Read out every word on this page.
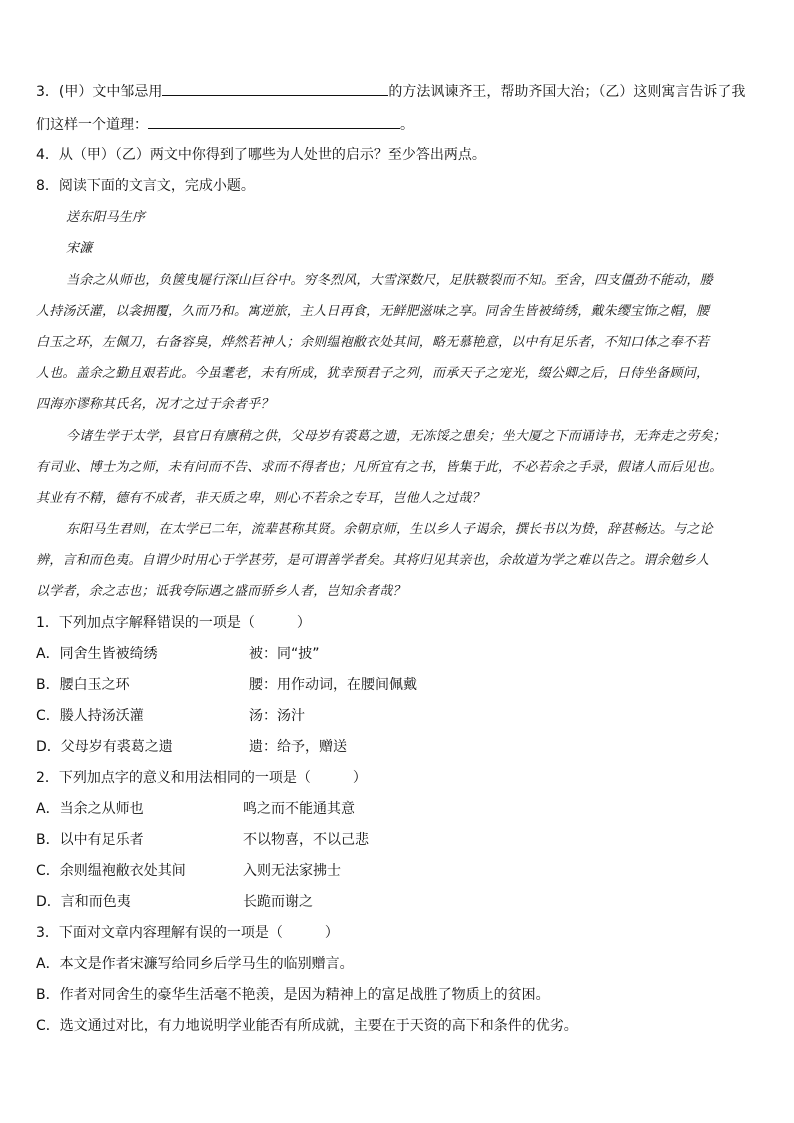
3．(甲）文中邹忌用	的方法讽谏齐王，帮助齐国大治；（乙）这则寓言告诉了我
们这样一个道理：	。
4．从（甲）（乙）两文中你得到了哪些为人处世的启示？至少答出两点。
8．阅读下面的文言文，完成小题。
送东阳马生序
宋濂
当余之从师也，负箧曳屣行深山巨谷中。穷冬烈风，大雪深数尺，足肤皲裂而不知。至舍，四支僵劲不能动，媵
人持汤沃灌，以衾拥覆，久而乃和。寓逆旅，主人日再食，无鲜肥滋味之享。同舍生皆被绮绣，戴朱缨宝饰之帽，腰
白玉之环，左佩刀，右备容臭，烨然若神人；余则缊袍敝衣处其间，略无慕艳意，以中有足乐者，不知口体之奉不若
人也。盖余之勤且艰若此。今虽耄老，未有所成，犹幸预君子之列，而承天子之宠光，缀公卿之后，日侍坐备顾问，
四海亦谬称其氏名，况才之过于余者乎？
今诸生学于太学，县官日有廪稍之供，父母岁有裘葛之遗，无冻馁之患矣；坐大厦之下而诵诗书，无奔走之劳矣；
有司业、博士为之师，未有问而不告、求而不得者也；凡所宜有之书，皆集于此，不必若余之手录，假诸人而后见也。
其业有不精，德有不成者，非天质之卑，则心不若余之专耳，岂他人之过哉？
东阳马生君则，在太学已二年，流辈甚称其贤。余朝京师，生以乡人子谒余，撰长书以为贽，辞甚畅达。与之论
辨，言和而色夷。自谓少时用心于学甚劳，是可谓善学者矣。其将归见其亲也，余故道为学之难以告之。谓余勉乡人
以学者，余之志也；诋我夸际遇之盛而骄乡人者，岂知余者哉？
1．下列加点字解释错误的一项是（　　　）
A．同舍生皆被绮绣	被：同“披”
B．腰白玉之环	腰：用作动词，在腰间佩戴
C．媵人持汤沃灌	汤：汤汁
D．父母岁有裘葛之遗	遗：给予，赠送
2．下列加点字的意义和用法相同的一项是（　　　）
A．当余之从师也	鸣之而不能通其意
B．以中有足乐者	不以物喜，不以己悲
C．余则缊袍敝衣处其间	入则无法家拂士
D．言和而色夷	长跪而谢之
3．下面对文章内容理解有误的一项是（　　　）
A．本文是作者宋濂写给同乡后学马生的临别赠言。
B．作者对同舍生的豪华生活毫不艳羡，是因为精神上的富足战胜了物质上的贫困。
C．选文通过对比，有力地说明学业能否有所成就，主要在于天资的高下和条件的优劣。
